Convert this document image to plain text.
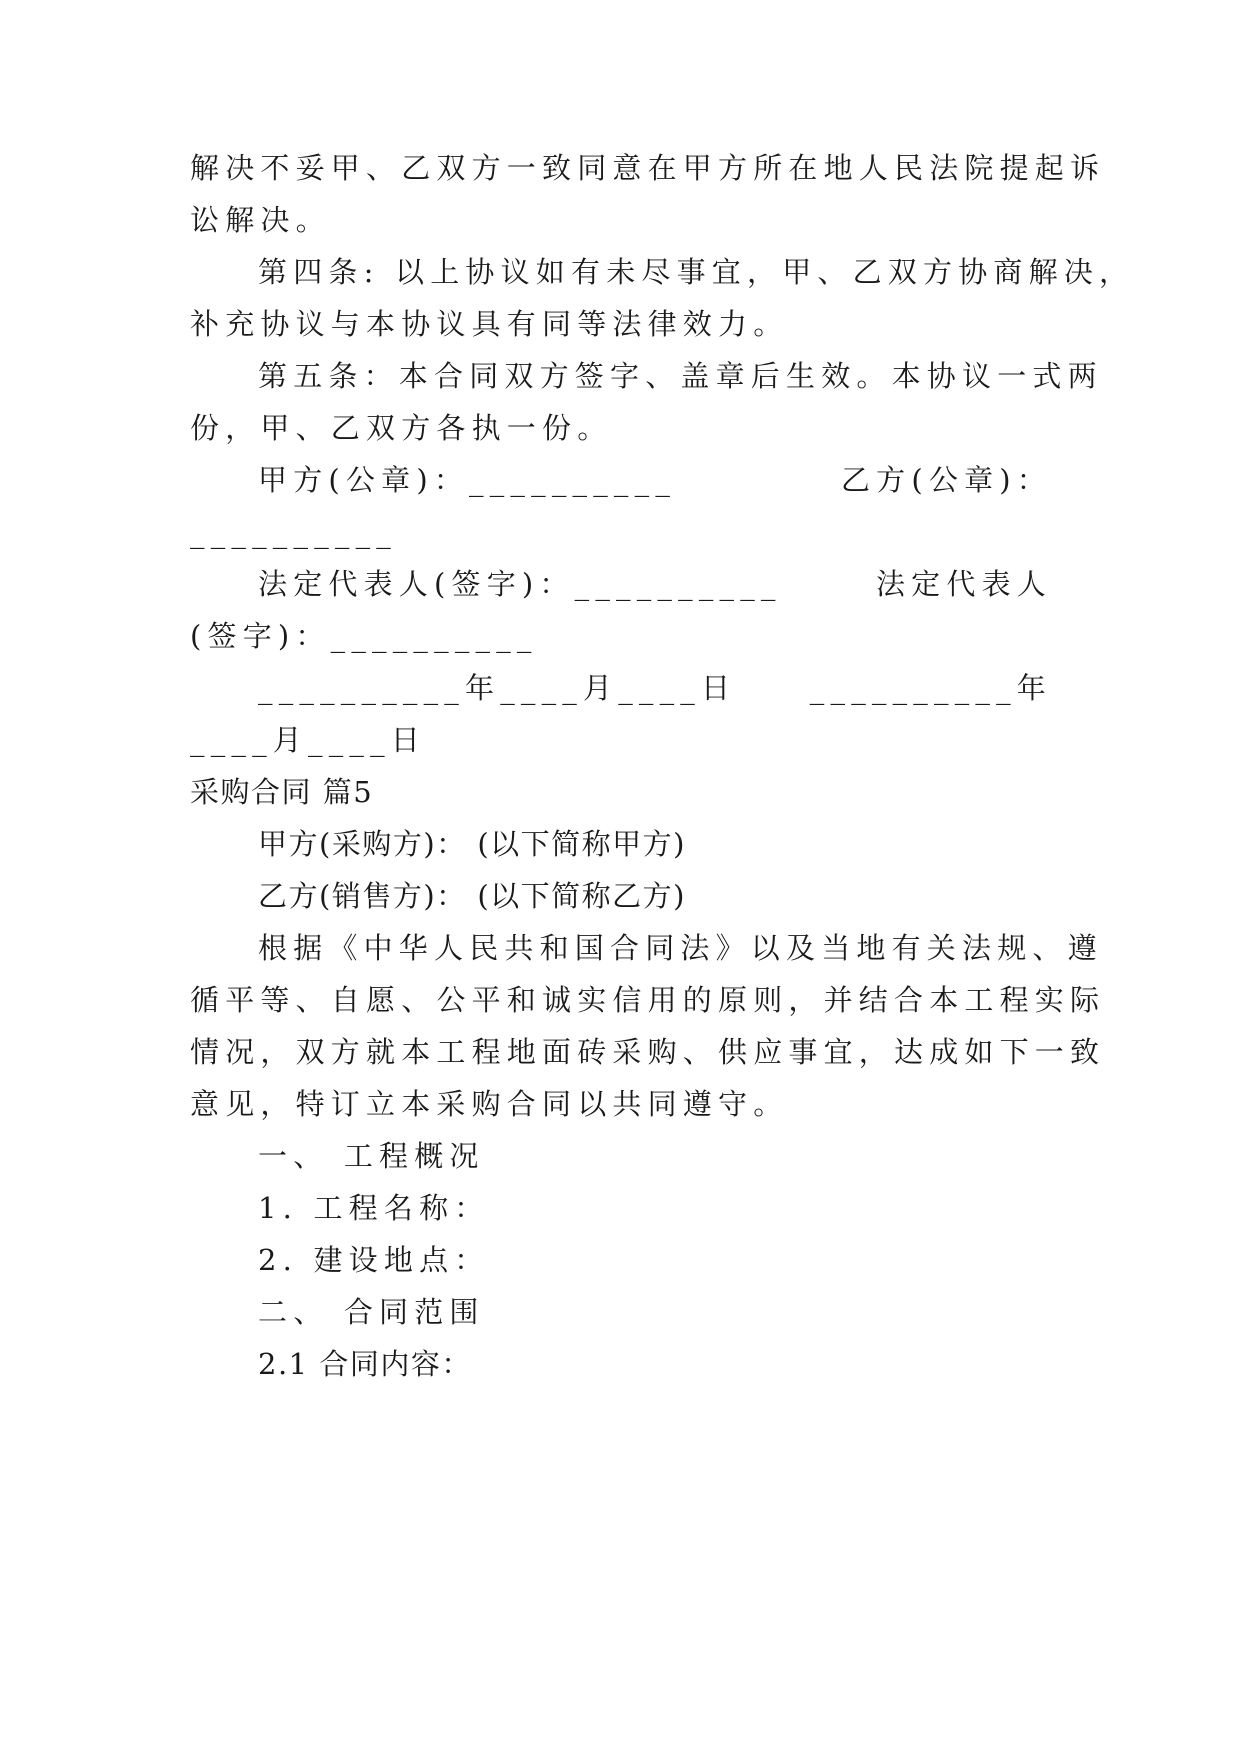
解决不妥甲、乙双方一致同意在甲方所在地人民法院提起诉
讼解决。
第四条: 以上协议如有未尽事宜，甲、乙双方协商解决，
补充协议与本协议具有同等法律效力。
第五条：本合同双方签字、盖章后生效。本协议一式两
份，甲、乙双方各执一份。
甲方(公章)：__________	乙方(公章)：
__________
法定代表人(签字)：__________	法定代表人
(签字)：__________
__________年____月____日	__________年
____月____日
采购合同 篇5
甲方(采购方)： (以下简称甲方)
乙方(销售方)： (以下简称乙方)
根据《中华人民共和国合同法》以及当地有关法规、遵
循平等、自愿、公平和诚实信用的原则，并结合本工程实际
情况，双方就本工程地面砖采购、供应事宜，达成如下一致
意见，特订立本采购合同以共同遵守。
一、 工程概况
1. 工程名称：
2. 建设地点：
二、 合同范围
2.1 合同内容：
